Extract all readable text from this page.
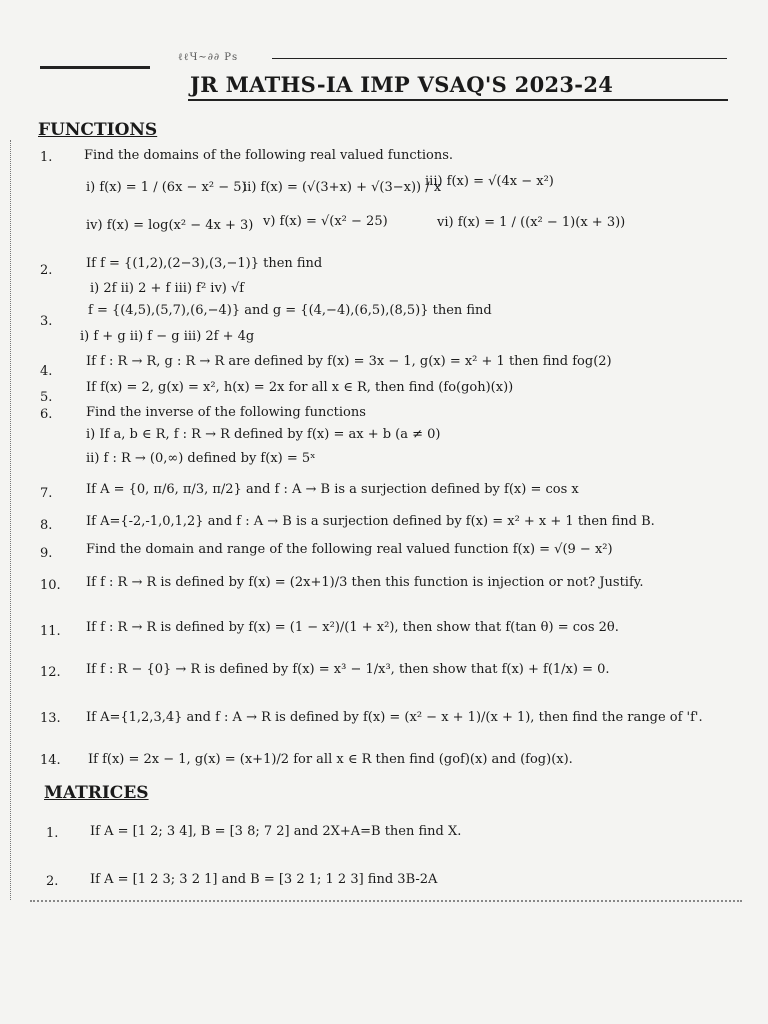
ℓℓЧ∼∂∂ Рѕ
JR MATHS-IA IMP VSAQ'S 2023-24
FUNCTIONS
1. Find the domains of the following real valued functions.
i) f(x) = 1 / (6x − x² − 5)
ii) f(x) = (√(3+x) + √(3−x)) / x
iii) f(x) = √(4x − x²)
iv) f(x) = log(x² − 4x + 3) v) f(x) = √(x² − 25)	vi) f(x) = 1 / ((x² − 1)(x + 3))
2.	If f = {(1,2),(2−3),(3,−1)} then find
i) 2f ii) 2 + f iii) f² iv) √f
3.
f = {(4,5),(5,7),(6,−4)} and g = {(4,−4),(6,5),(8,5)} then find
i) f + g ii) f − g iii) 2f + 4g
4.
If f : R → R, g : R → R are defined by f(x) = 3x − 1, g(x) = x² + 1 then find fog(2)
5.
If f(x) = 2, g(x) = x², h(x) = 2x for all x ∈ R, then find (fo(goh)(x))
6.	Find the inverse of the following functions
i) If a, b ∈ R, f : R → R defined by f(x) = ax + b (a ≠ 0)
ii) f : R → (0,∞) defined by f(x) = 5ˣ
7.	If A = {0, π/6, π/3, π/2} and f : A → B is a surjection defined by f(x) = cos x
8.	If A={-2,-1,0,1,2} and f : A → B is a surjection defined by f(x) = x² + x + 1 then find B.
9.	Find the domain and range of the following real valued function f(x) = √(9 − x²)
10. If f : R → R is defined by f(x) = (2x+1)/3 then this function is injection or not? Justify.
11. If f : R → R is defined by f(x) = (1 − x²)/(1 + x²), then show that f(tan θ) = cos 2θ.
12. If f : R − {0} → R is defined by f(x) = x³ − 1/x³, then show that f(x) + f(1/x) = 0.
13. If A={1,2,3,4} and f : A → R is defined by f(x) = (x² − x + 1)/(x + 1), then find the range of 'f'.
14. If f(x) = 2x − 1, g(x) = (x+1)/2 for all x ∈ R then find (gof)(x) and (fog)(x).
MATRICES
1. If A = [1 2; 3 4], B = [3 8; 7 2] and 2X+A=B then find X.
2. If A = [1 2 3; 3 2 1] and B = [3 2 1; 1 2 3] find 3B-2A
